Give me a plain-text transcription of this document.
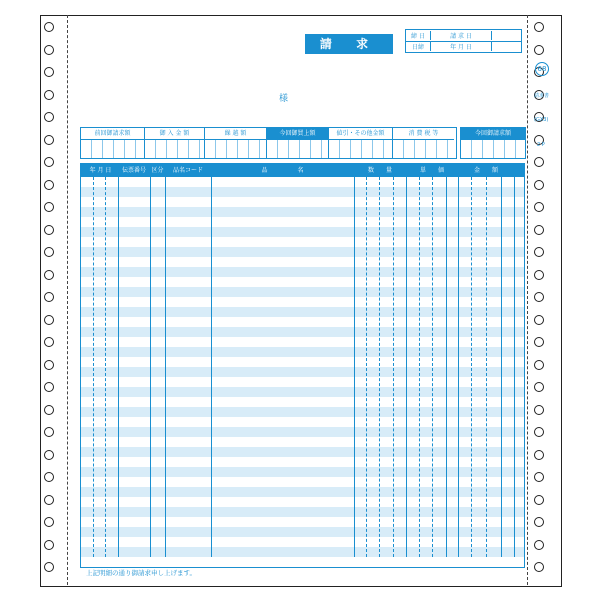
請 求 書
締 日	請 求 日
日締	年 月 日
様
前回御請求額	御 入 金 額	繰 越 額	今回御買上額	値引・その他金額	消 費 税 等	今回御請求額
年 月 日	伝票番号 区分	品名コード	品　　　　　名	数　　量	単　　価	金　　額
上記明細の通り御請求申し上げます。
68
請求書
(GX3)
2 P
